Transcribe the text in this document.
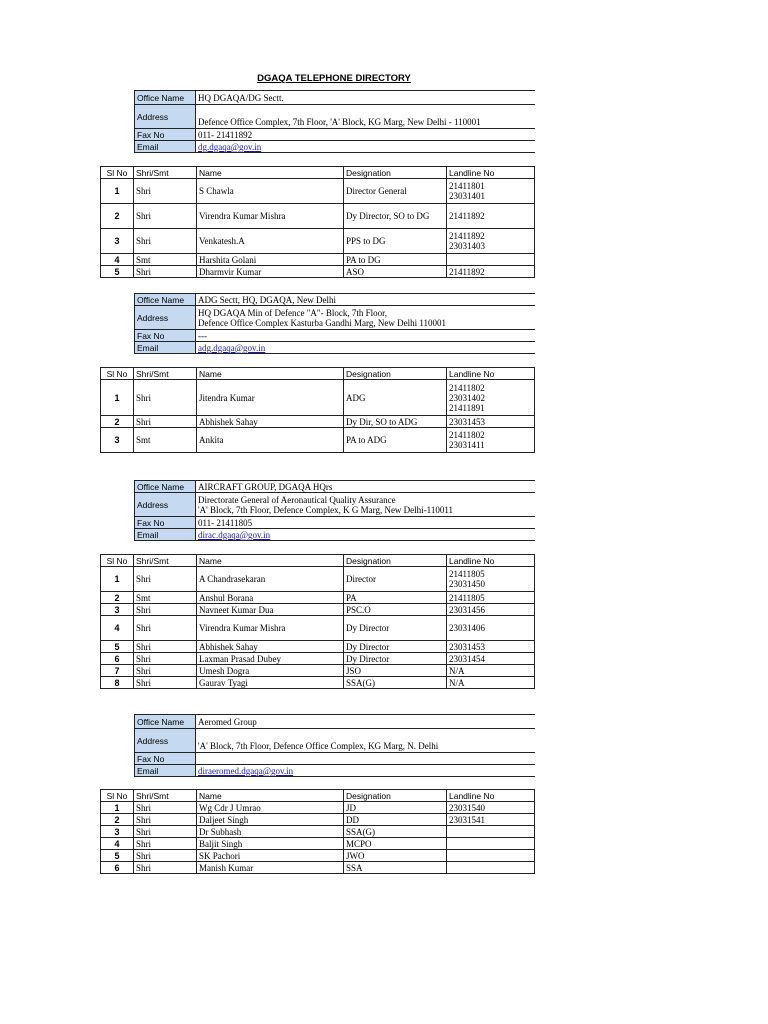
DGAQA TELEPHONE DIRECTORY
Office Name	HQ DGAQA/DG Sectt.
Address	Defence Office Complex, 7th Floor, 'A' Block, KG Marg, New Delhi - 110001

Fax No	011- 21411892
Email	dg.dgaqa@gov.in
Sl No	Shri/Smt	Name	Designation	Landline No
1	Shri	S Chawla	Director General	21411801
23031401

2	Shri	Virendra Kumar Mishra	Dy Director, SO to DG	21411892
3	Shri	Venkatesh.A	PPS to DG	21411892
23031403

4	Smt	Harshita Golani	PA to DG	
5	Shri	Dharmvir Kumar	ASO	21411892
Office Name	ADG Sectt, HQ, DGAQA, New Delhi
Address	HQ DGAQA Min of Defence "A"- Block, 7th Floor,
Defence Office Complex Kasturba Gandhi Marg, New Delhi 110001

Fax No	---
Email	adg.dgaqa@gov.in
Sl No	Shri/Smt	Name	Designation	Landline No
1	Shri	Jitendra Kumar	ADG	21411802
23031402
21411891

2	Shri	Abhishek Sahay	Dy Dir, SO to ADG	23031453
3	Smt	Ankita	PA to ADG	21411802
23031411
Office Name	AIRCRAFT GROUP, DGAQA HQrs
Address	Directorate General of Aeronautical Quality Assurance
'A' Block, 7th Floor, Defence Complex, K G Marg, New Delhi-110011

Fax No	011- 21411805
Email	dirac.dgaqa@gov.in
Sl No	Shri/Smt	Name	Designation	Landline No
1	Shri	A Chandrasekaran	Director	21411805
23031450

2	Smt	Anshul Borana	PA	21411805
3	Shri	Navneet Kumar Dua	PSC.O	23031456
4	Shri	Virendra Kumar Mishra	Dy Director	23031406
5	Shri	Abhishek Sahay	Dy Director	23031453
6	Shri	Laxman Prasad Dubey	Dy Director	23031454
7	Shri	Umesh Dogra	JSO	N/A
8	Shri	Gaurav Tyagi	SSA(G)	N/A
Office Name	Aeromed Group
Address	'A' Block, 7th Floor, Defence Office Complex, KG Marg, N. Delhi

Fax No	
Email	diraeromed.dgaqa@gov.in
Sl No	Shri/Smt	Name	Designation	Landline No
1	Shri	Wg Cdr J Umrao	JD	23031540
2	Shri	Daljeet Singh	DD	23031541
3	Shri	Dr Subhash	SSA(G)	
4	Shri	Baljit Singh	MCPO	
5	Shri	SK Pachori	JWO	
6	Shri	Manish Kumar	SSA	
